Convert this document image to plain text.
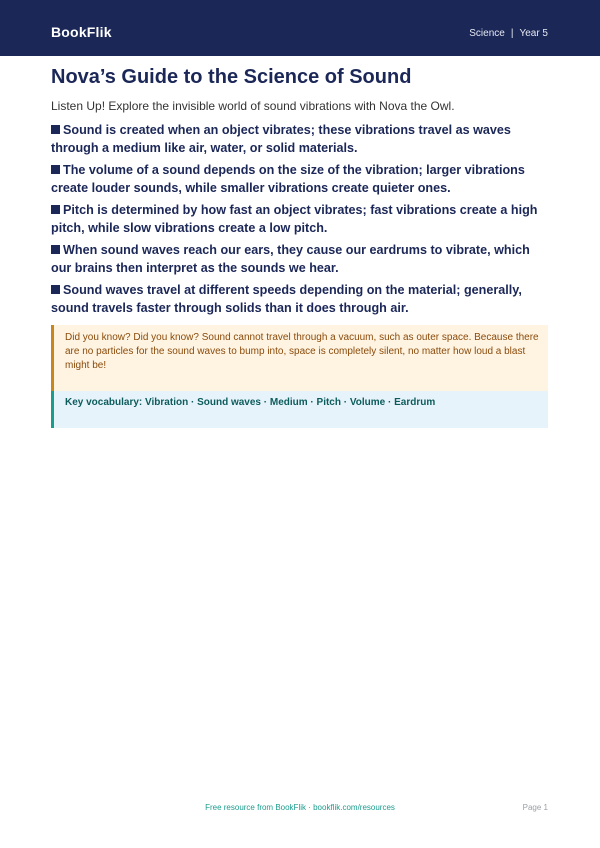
BookFlik	Science | Year 5
Nova’s Guide to the Science of Sound
Listen Up! Explore the invisible world of sound vibrations with Nova the Owl.
Sound is created when an object vibrates; these vibrations travel as waves through a medium like air, water, or solid materials.
The volume of a sound depends on the size of the vibration; larger vibrations create louder sounds, while smaller vibrations create quieter ones.
Pitch is determined by how fast an object vibrates; fast vibrations create a high pitch, while slow vibrations create a low pitch.
When sound waves reach our ears, they cause our eardrums to vibrate, which our brains then interpret as the sounds we hear.
Sound waves travel at different speeds depending on the material; generally, sound travels faster through solids than it does through air.
Did you know? Did you know? Sound cannot travel through a vacuum, such as outer space. Because there are no particles for the sound waves to bump into, space is completely silent, no matter how loud a blast might be!
Key vocabulary: Vibration · Sound waves · Medium · Pitch · Volume · Eardrum
Free resource from BookFlik · bookflik.com/resources	Page 1
